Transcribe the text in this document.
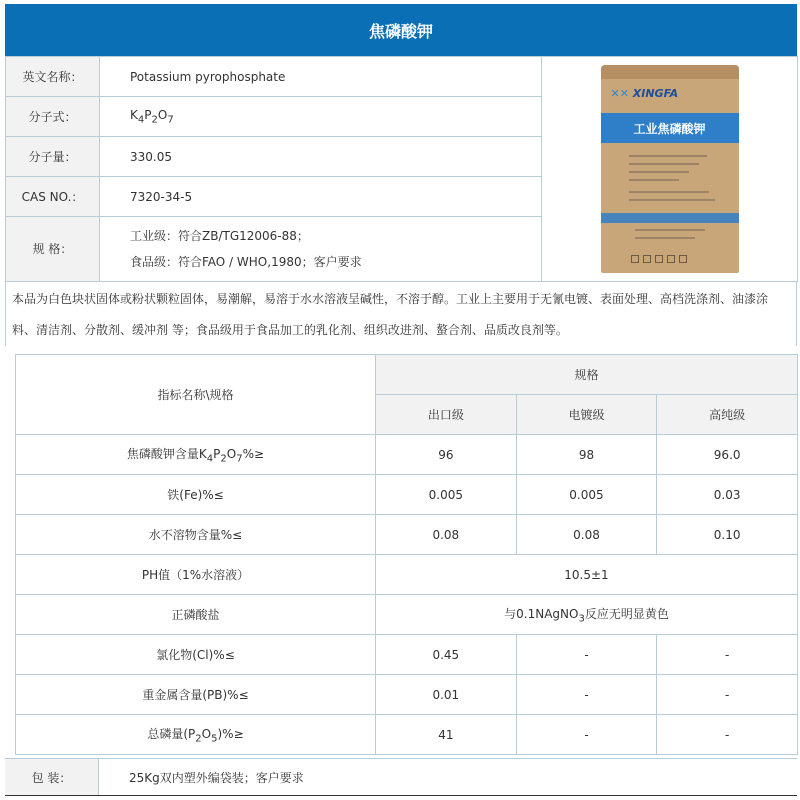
焦磷酸钾
英文名称：	Potassium pyrophosphate	✕✕ XINGFA
工业焦磷酸钾

分子式：	$K_4P_2O_7$
分子量：	330.05	
CAS NO.：	7320-34-5	
规 格：	工业级：符合ZB/TG12006-88；
食品级：符合FAO / WHO,1980；客户要求	
本品为白色块状固体或粉状颗粒固体，易潮解，易溶于水水溶液呈碱性，不溶于醇。工业上主要用于无氰电镀、表面处理、高档洗涤剂、油漆涂料、清洁剂、分散剂、缓冲剂 等；食品级用于食品加工的乳化剂、组织改进剂、螯合剂、品质改良剂等。
指标名称\规格	规格		
	出口级	电镀级	高纯级
焦磷酸钾含量$K_4P_2O_7\%\ge$	96	98	96.0
铁(Fe)%≤	0.005	0.005	0.03
水不溶物含量%≤	0.08	0.08	0.10
PH值（1%水溶液）	10.5±1		
正磷酸盐	与0.1NAgNO$_3$反应无明显黄色		
氯化物(Cl)%≤	0.45	-	-
重金属含量(PB)%≤	0.01	-	-
总磷量$(P_2O_5)\%\ge$	41	-	-
包 装：	25Kg双内塑外编袋装；客户要求
